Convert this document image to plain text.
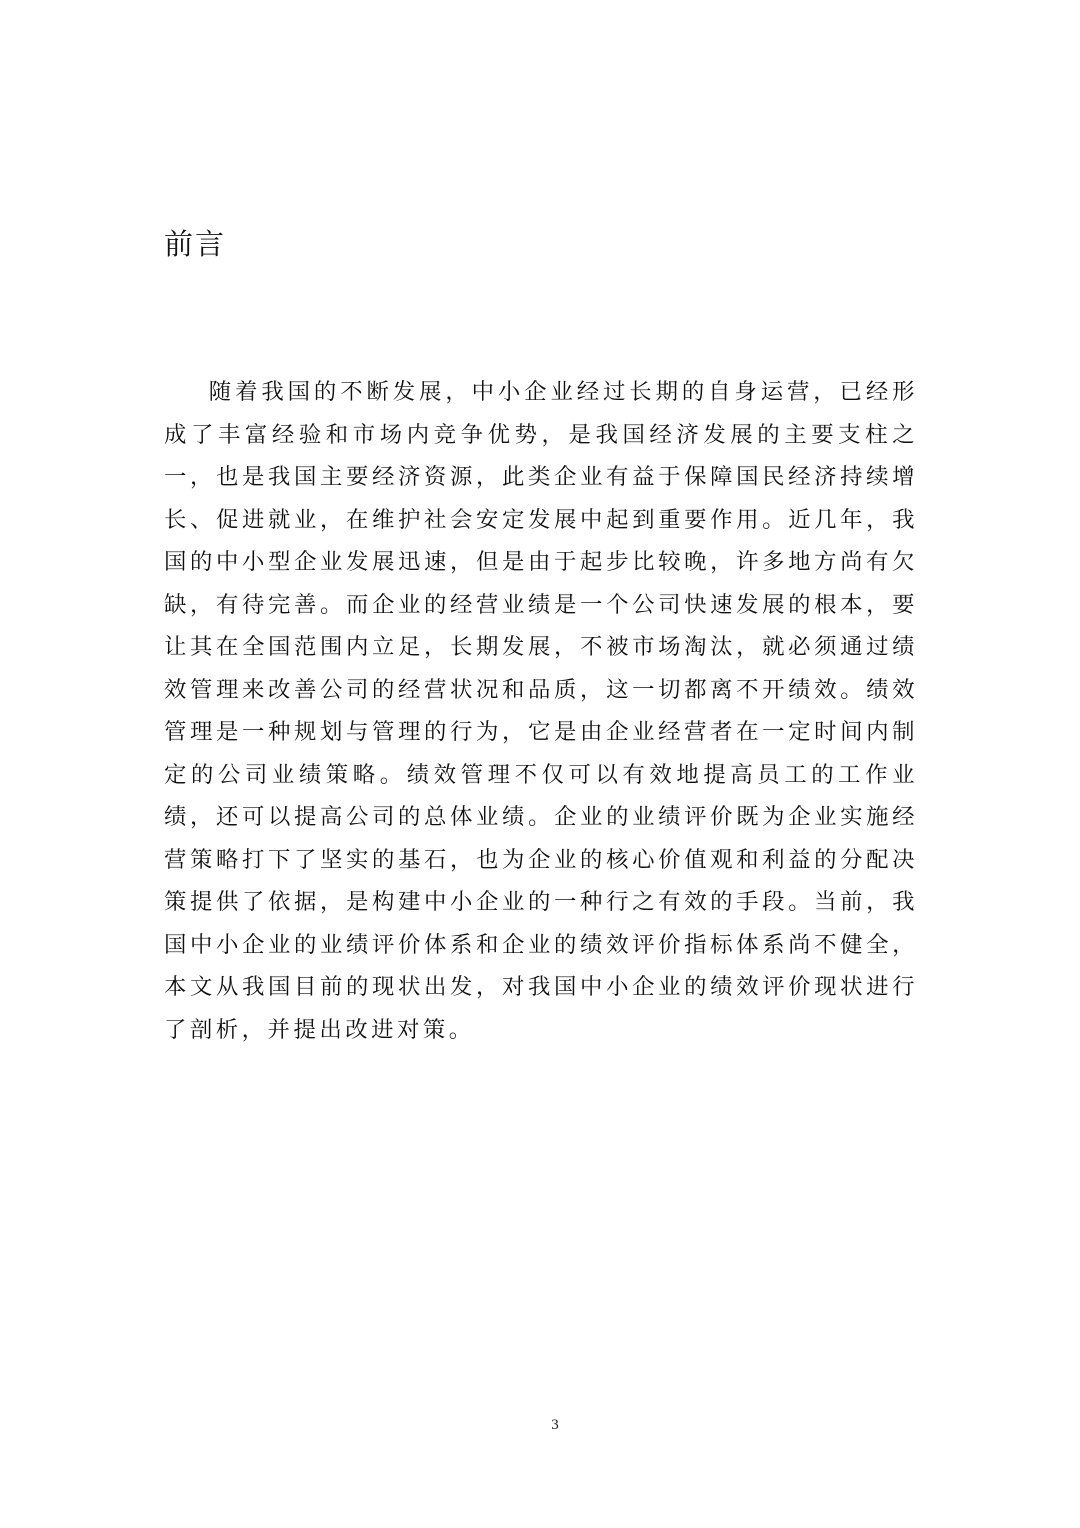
前言

随着我国的不断发展，中小企业经过长期的自身运营，已经形成了丰富经验和市场内竞争优势，是我国经济发展的主要支柱之一，也是我国主要经济资源，此类企业有益于保障国民经济持续增长、促进就业，在维护社会安定发展中起到重要作用。近几年，我国的中小型企业发展迅速，但是由于起步比较晚，许多地方尚有欠缺，有待完善。而企业的经营业绩是一个公司快速发展的根本，要让其在全国范围内立足，长期发展，不被市场淘汰，就必须通过绩效管理来改善公司的经营状况和品质，这一切都离不开绩效。绩效管理是一种规划与管理的行为，它是由企业经营者在一定时间内制定的公司业绩策略。绩效管理不仅可以有效地提高员工的工作业绩，还可以提高公司的总体业绩。企业的业绩评价既为企业实施经营策略打下了坚实的基石，也为企业的核心价值观和利益的分配决策提供了依据，是构建中小企业的一种行之有效的手段。当前，我国中小企业的业绩评价体系和企业的绩效评价指标体系尚不健全，本文从我国目前的现状出发，对我国中小企业的绩效评价现状进行了剖析，并提出改进对策。

3
